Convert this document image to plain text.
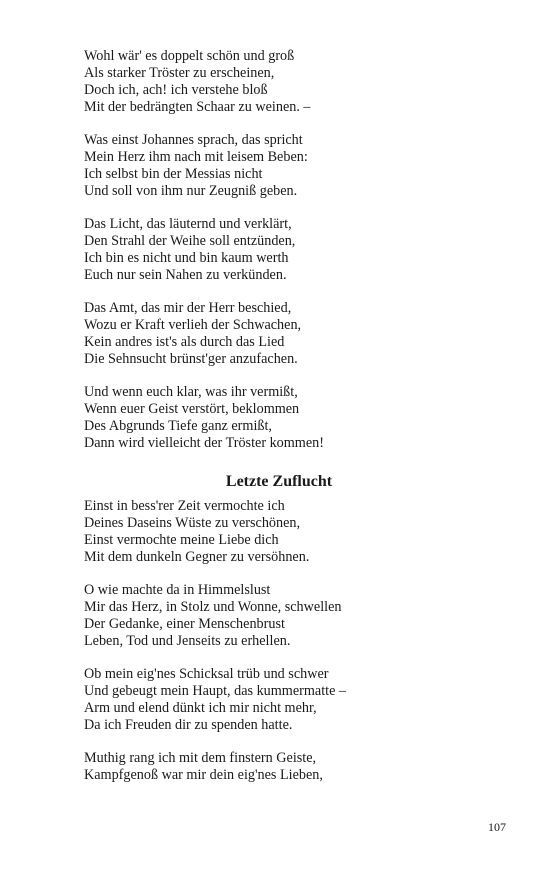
Wohl wär' es doppelt schön und groß
Als starker Tröster zu erscheinen,
Doch ich, ach! ich verstehe bloß
Mit der bedrängten Schaar zu weinen. –
Was einst Johannes sprach, das spricht
Mein Herz ihm nach mit leisem Beben:
Ich selbst bin der Messias nicht
Und soll von ihm nur Zeugniß geben.
Das Licht, das läuternd und verklärt,
Den Strahl der Weihe soll entzünden,
Ich bin es nicht und bin kaum werth
Euch nur sein Nahen zu verkünden.
Das Amt, das mir der Herr beschied,
Wozu er Kraft verlieh der Schwachen,
Kein andres ist's als durch das Lied
Die Sehnsucht brünst'ger anzufachen.
Und wenn euch klar, was ihr vermißt,
Wenn euer Geist verstört, beklommen
Des Abgrunds Tiefe ganz ermißt,
Dann wird vielleicht der Tröster kommen!
Letzte Zuflucht
Einst in bess'rer Zeit vermochte ich
Deines Daseins Wüste zu verschönen,
Einst vermochte meine Liebe dich
Mit dem dunkeln Gegner zu versöhnen.
O wie machte da in Himmelslust
Mir das Herz, in Stolz und Wonne, schwellen
Der Gedanke, einer Menschenbrust
Leben, Tod und Jenseits zu erhellen.
Ob mein eig'nes Schicksal trüb und schwer
Und gebeugt mein Haupt, das kummermatte –
Arm und elend dünkt ich mir nicht mehr,
Da ich Freuden dir zu spenden hatte.
Muthig rang ich mit dem finstern Geiste,
Kampfgenoß war mir dein eig'nes Lieben,
107
